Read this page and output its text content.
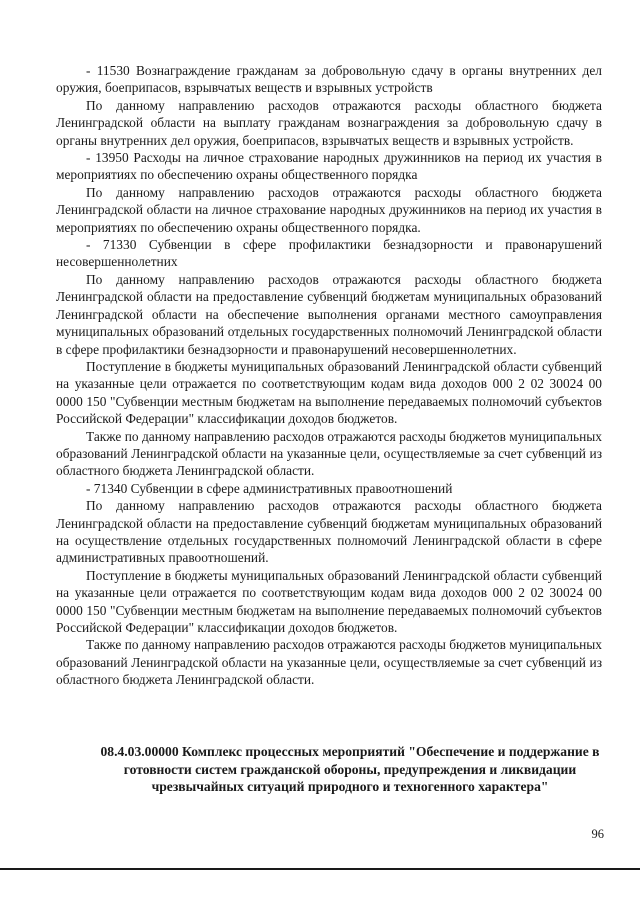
- 11530 Вознаграждение гражданам за добровольную сдачу в органы внутренних дел оружия, боеприпасов, взрывчатых веществ и взрывных устройств

По данному направлению расходов отражаются расходы областного бюджета Ленинградской области на выплату гражданам вознаграждения за добровольную сдачу в органы внутренних дел оружия, боеприпасов, взрывчатых веществ и взрывных устройств.

- 13950 Расходы на личное страхование народных дружинников на период их участия в мероприятиях по обеспечению охраны общественного порядка

По данному направлению расходов отражаются расходы областного бюджета Ленинградской области на личное страхование народных дружинников на период их участия в мероприятиях по обеспечению охраны общественного порядка.

- 71330 Субвенции в сфере профилактики безнадзорности и правонарушений несовершеннолетних

По данному направлению расходов отражаются расходы областного бюджета Ленинградской области на предоставление субвенций бюджетам муниципальных образований Ленинградской области на обеспечение выполнения органами местного самоуправления муниципальных образований отдельных государственных полномочий Ленинградской области в сфере профилактики безнадзорности и правонарушений несовершеннолетних.

Поступление в бюджеты муниципальных образований Ленинградской области субвенций на указанные цели отражается по соответствующим кодам вида доходов 000 2 02 30024 00 0000 150 "Субвенции местным бюджетам на выполнение передаваемых полномочий субъектов Российской Федерации" классификации доходов бюджетов.

Также по данному направлению расходов отражаются расходы бюджетов муниципальных образований Ленинградской области на указанные цели, осуществляемые за счет субвенций из областного бюджета Ленинградской области.

- 71340 Субвенции в сфере административных правоотношений

По данному направлению расходов отражаются расходы областного бюджета Ленинградской области на предоставление субвенций бюджетам муниципальных образований на осуществление отдельных государственных полномочий Ленинградской области в сфере административных правоотношений.

Поступление в бюджеты муниципальных образований Ленинградской области субвенций на указанные цели отражается по соответствующим кодам вида доходов 000 2 02 30024 00 0000 150 "Субвенции местным бюджетам на выполнение передаваемых полномочий субъектов Российской Федерации" классификации доходов бюджетов.

Также по данному направлению расходов отражаются расходы бюджетов муниципальных образований Ленинградской области на указанные цели, осуществляемые за счет субвенций из областного бюджета Ленинградской области.

08.4.03.00000 Комплекс процессных мероприятий "Обеспечение и поддержание в готовности систем гражданской обороны, предупреждения и ликвидации чрезвычайных ситуаций природного и техногенного характера"
96
